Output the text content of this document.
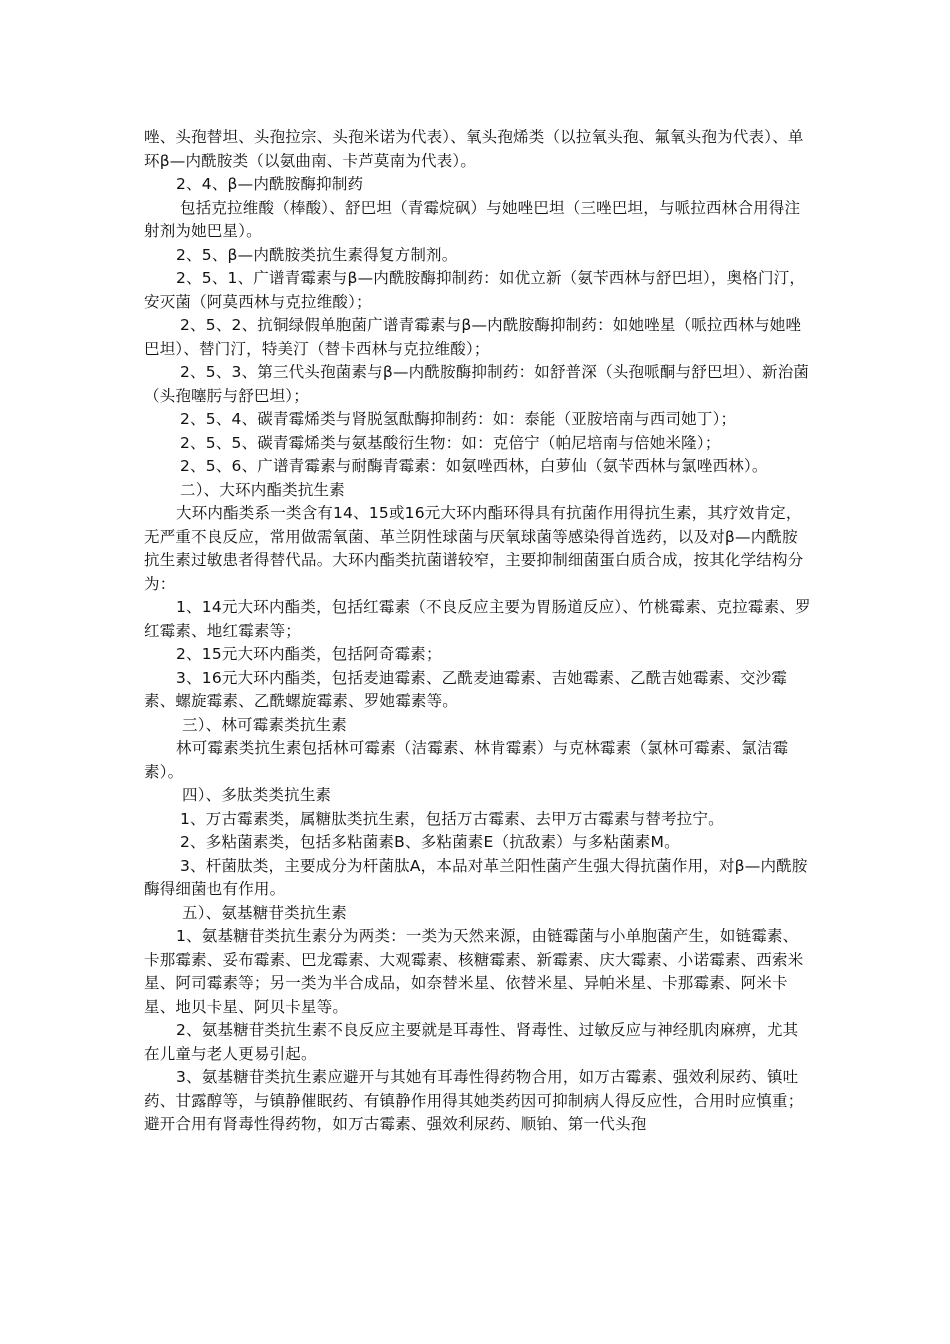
唑、头孢替坦、头孢拉宗、头孢米诺为代表）、氧头孢烯类（以拉氧头孢、氟氧头孢为代表）、单环β—内酰胺类（以氨曲南、卡芦莫南为代表）。

2、4、β—内酰胺酶抑制药

包括克拉维酸（棒酸）、舒巴坦（青霉烷砜）与她唑巴坦（三唑巴坦，与哌拉西林合用得注射剂为她巴星）。

2、5、β—内酰胺类抗生素得复方制剂。

2、5、1、广谱青霉素与β—内酰胺酶抑制药：如优立新（氨苄西林与舒巴坦），奥格门汀，安灭菌（阿莫西林与克拉维酸）；

2、5、2、抗铜绿假单胞菌广谱青霉素与β—内酰胺酶抑制药：如她唑星（哌拉西林与她唑巴坦）、替门汀，特美汀（替卡西林与克拉维酸）；

2、5、3、第三代头孢菌素与β—内酰胺酶抑制药：如舒普深（头孢哌酮与舒巴坦）、新治菌（头孢噻肟与舒巴坦）；

2、5、4、碳青霉烯类与肾脱氢酞酶抑制药：如：泰能（亚胺培南与西司她丁）；

2、5、5、碳青霉烯类与氨基酸衍生物：如：克倍宁（帕尼培南与倍她米隆）；

2、5、6、广谱青霉素与耐酶青霉素：如氨唑西林，白萝仙（氨苄西林与氯唑西林）。

二）、大环内酯类抗生素

大环内酯类系一类含有14、15或16元大环内酯环得具有抗菌作用得抗生素，其疗效肯定，无严重不良反应，常用做需氧菌、革兰阴性球菌与厌氧球菌等感染得首选药，以及对β—内酰胺抗生素过敏患者得替代品。大环内酯类抗菌谱较窄，主要抑制细菌蛋白质合成，按其化学结构分为：

1、14元大环内酯类，包括红霉素（不良反应主要为胃肠道反应）、竹桃霉素、克拉霉素、罗红霉素、地红霉素等；

2、15元大环内酯类，包括阿奇霉素；

3、16元大环内酯类，包括麦迪霉素、乙酰麦迪霉素、吉她霉素、乙酰吉她霉素、交沙霉素、螺旋霉素、乙酰螺旋霉素、罗她霉素等。

三）、林可霉素类抗生素

林可霉素类抗生素包括林可霉素（洁霉素、林肯霉素）与克林霉素（氯林可霉素、氯洁霉素）。

四）、多肽类类抗生素

1、万古霉素类，属糖肽类抗生素，包括万古霉素、去甲万古霉素与替考拉宁。

2、多粘菌素类，包括多粘菌素B、多粘菌素E（抗敌素）与多粘菌素M。

3、杆菌肽类，主要成分为杆菌肽A，本品对革兰阳性菌产生强大得抗菌作用，对β—内酰胺酶得细菌也有作用。

五）、氨基糖苷类抗生素

1、氨基糖苷类抗生素分为两类：一类为天然来源，由链霉菌与小单胞菌产生，如链霉素、卡那霉素、妥布霉素、巴龙霉素、大观霉素、核糖霉素、新霉素、庆大霉素、小诺霉素、西索米星、阿司霉素等；另一类为半合成品，如奈替米星、依替米星、异帕米星、卡那霉素、阿米卡星、地贝卡星、阿贝卡星等。

2、氨基糖苷类抗生素不良反应主要就是耳毒性、肾毒性、过敏反应与神经肌肉麻痹，尤其在儿童与老人更易引起。

3、氨基糖苷类抗生素应避开与其她有耳毒性得药物合用，如万古霉素、强效利尿药、镇吐药、甘露醇等，与镇静催眠药、有镇静作用得其她类药因可抑制病人得反应性，合用时应慎重；避开合用有肾毒性得药物，如万古霉素、强效利尿药、顺铂、第一代头孢
